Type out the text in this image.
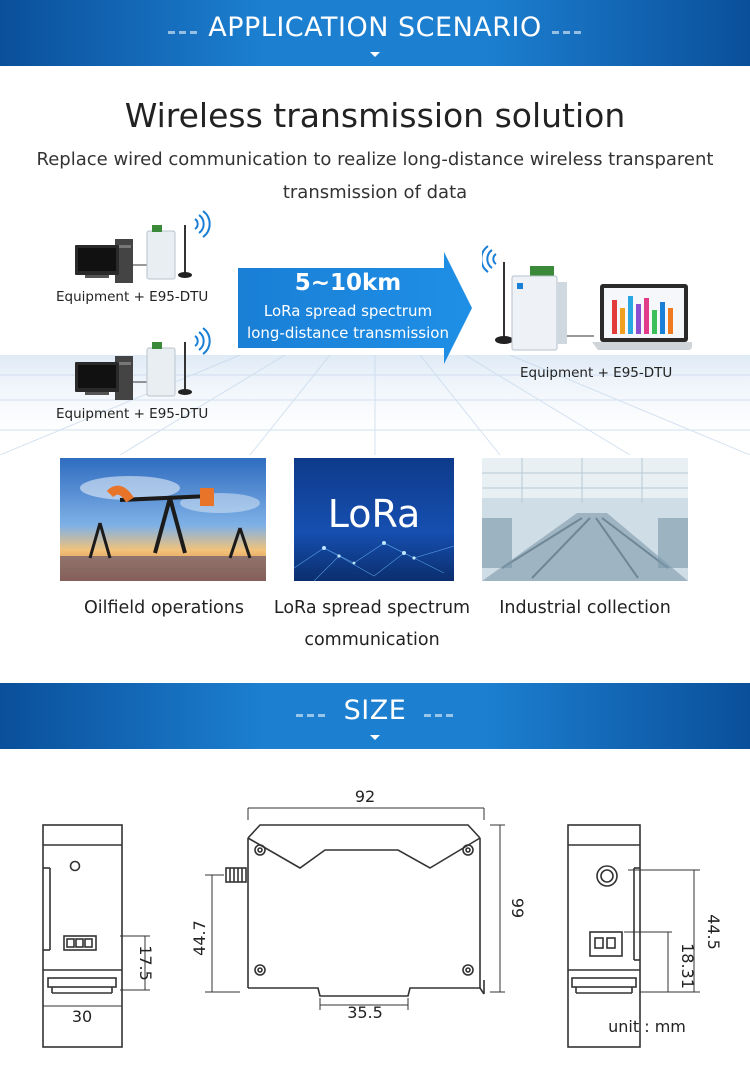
APPLICATION SCENARIO
Wireless transmission solution
Replace wired communication to realize long-distance wireless transparent
transmission of data
Equipment + E95-DTU
Equipment + E95-DTU
5~10km
LoRa spread spectrum
long-distance transmission
Equipment + E95-DTU
LoRa
Oilfield operations	LoRa spread spectrum
communication
Industrial collection
SIZE
30
17.5
92
99
44.7
35.5
44.5
18.31
unit : mm
